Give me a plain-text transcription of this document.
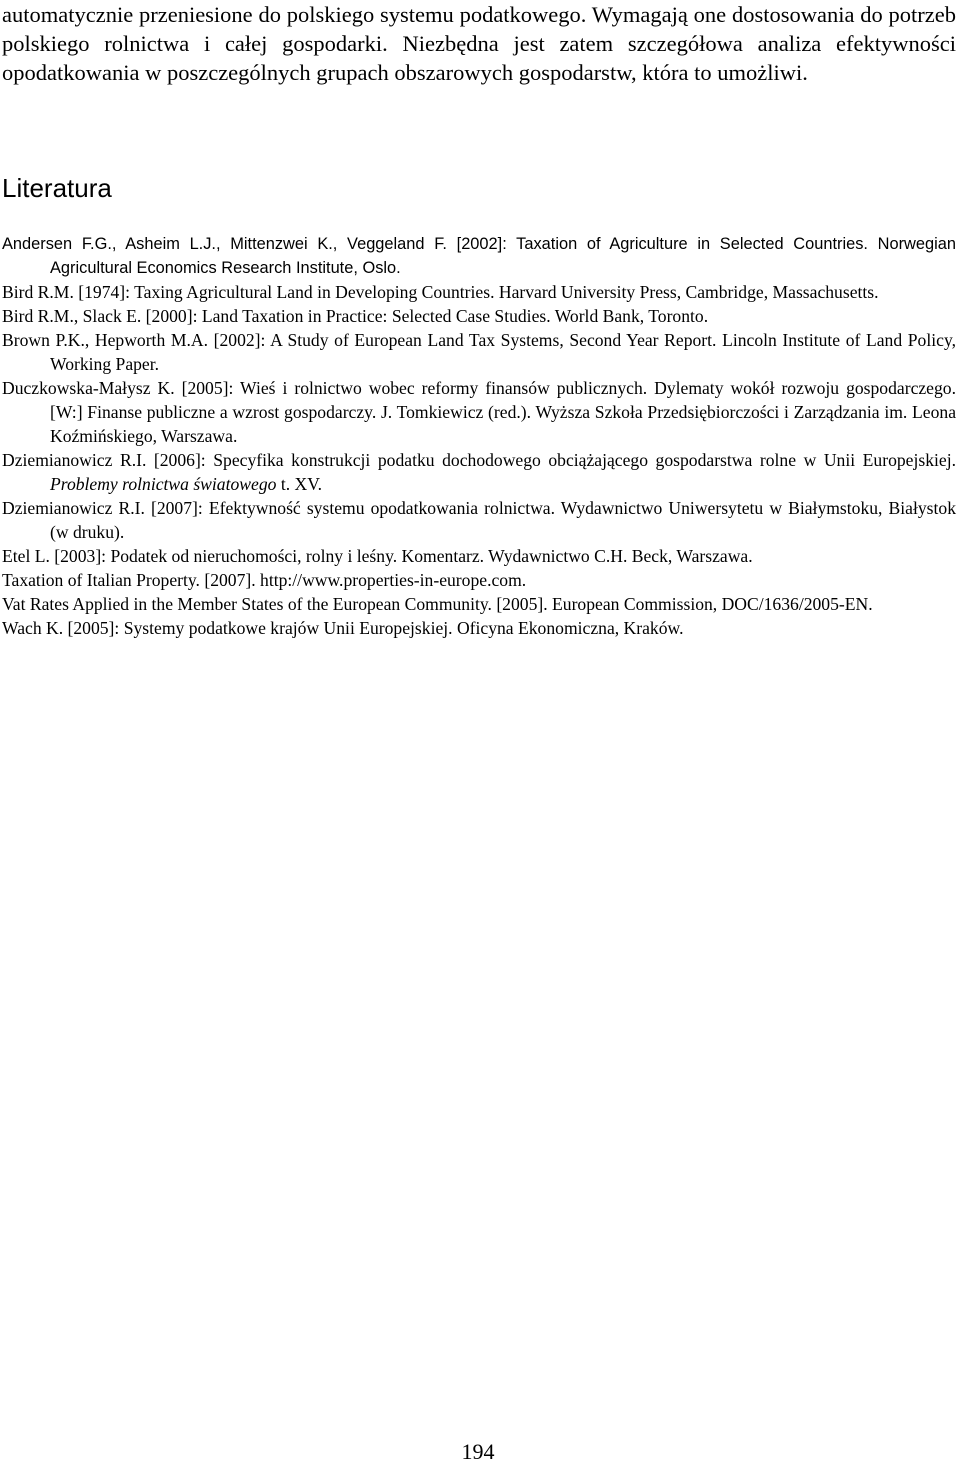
automatycznie przeniesione do polskiego systemu podatkowego. Wymagają one dostosowania do potrzeb polskiego rolnictwa i całej gospodarki. Niezbędna jest zatem szczegółowa analiza efektywności opodatkowania w poszczególnych grupach obszarowych gospodarstw, która to umożliwi.

Literatura
Andersen F.G., Asheim L.J., Mittenzwei K., Veggeland F. [2002]: Taxation of Agriculture in Selected Countries. Norwegian Agricultural Economics Research Institute, Oslo.
Bird R.M. [1974]: Taxing Agricultural Land in Developing Countries. Harvard University Press, Cambridge, Massachusetts.
Bird R.M., Slack E. [2000]: Land Taxation in Practice: Selected Case Studies. World Bank, Toronto.
Brown P.K., Hepworth M.A. [2002]: A Study of European Land Tax Systems, Second Year Report. Lincoln Institute of Land Policy, Working Paper.
Duczkowska-Małysz K. [2005]: Wieś i rolnictwo wobec reformy finansów publicznych. Dylematy wokół rozwoju gospodarczego. [W:] Finanse publiczne a wzrost gospodarczy. J. Tomkiewicz (red.). Wyższa Szkoła Przedsiębiorczości i Zarządzania im. Leona Koźmińskiego, Warszawa.
Dziemianowicz R.I. [2006]: Specyfika konstrukcji podatku dochodowego obciążającego gospodarstwa rolne w Unii Europejskiej. Problemy rolnictwa światowego t. XV.
Dziemianowicz R.I. [2007]: Efektywność systemu opodatkowania rolnictwa. Wydawnictwo Uniwersytetu w Białymstoku, Białystok (w druku).
Etel L. [2003]: Podatek od nieruchomości, rolny i leśny. Komentarz. Wydawnictwo C.H. Beck, Warszawa.
Taxation of Italian Property. [2007]. http://www.properties-in-europe.com.
Vat Rates Applied in the Member States of the European Community. [2005]. European Commission, DOC/1636/2005-EN.
Wach K. [2005]: Systemy podatkowe krajów Unii Europejskiej. Oficyna Ekonomiczna, Kraków.
194
